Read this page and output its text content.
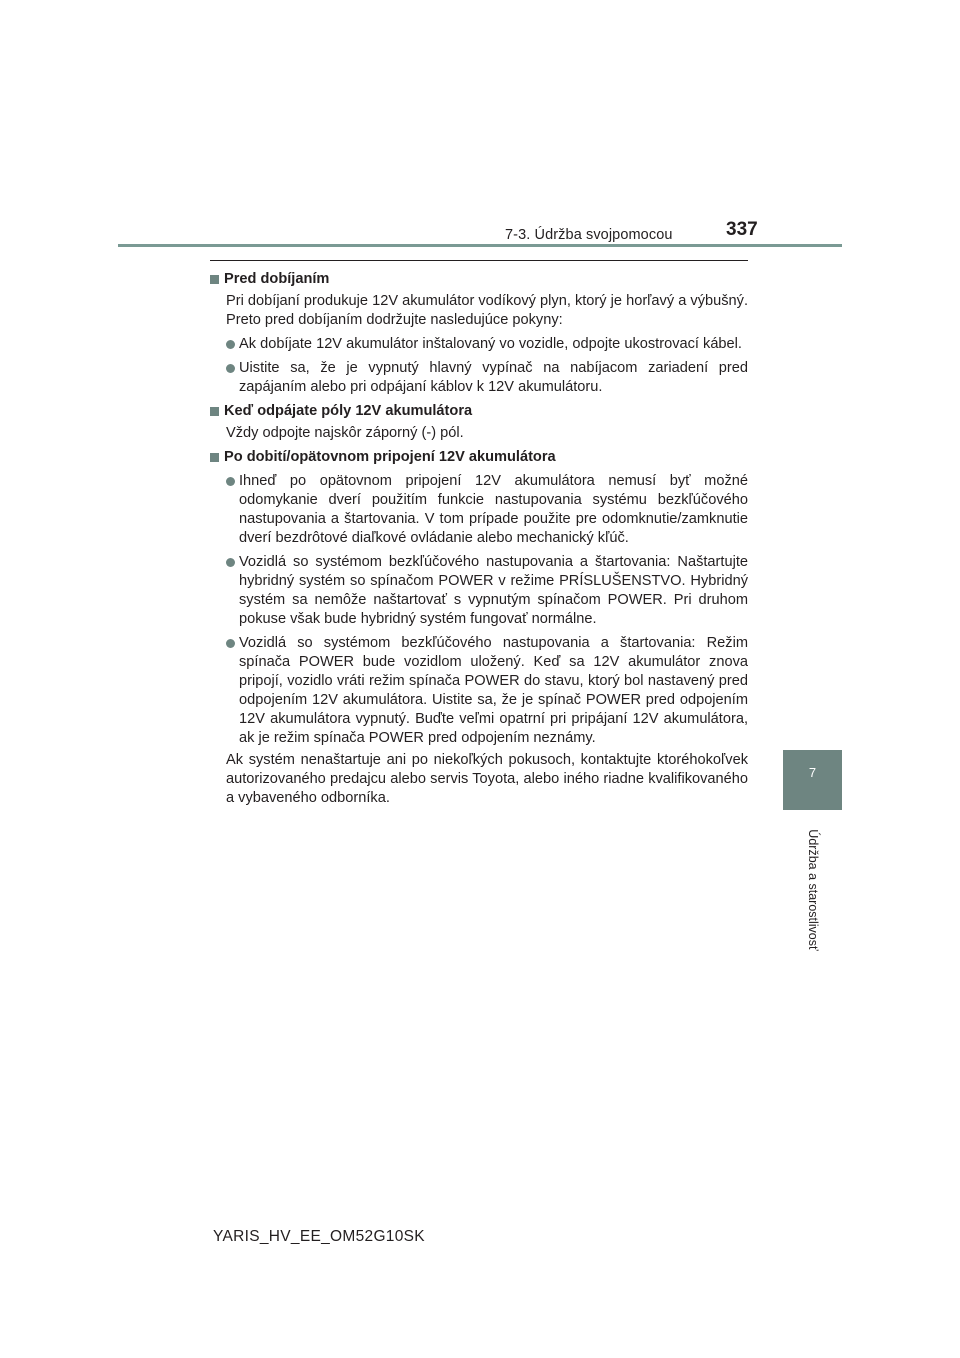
7-3. Údržba svojpomocou	337
7
Údržba a starostlivosť
Pred dobíjaním
Pri dobíjaní produkuje 12V akumulátor vodíkový plyn, ktorý je horľavý a výbušný. Preto pred dobíjaním dodržujte nasledujúce pokyny:
Ak dobíjate 12V akumulátor inštalovaný vo vozidle, odpojte ukostrovací kábel.
Uistite sa, že je vypnutý hlavný vypínač na nabíjacom zariadení pred zapájaním alebo pri odpájaní káblov k 12V akumulátoru.
Keď odpájate póly 12V akumulátora
Vždy odpojte najskôr záporný (-) pól.
Po dobití/opätovnom pripojení 12V akumulátora
Ihneď po opätovnom pripojení 12V akumulátora nemusí byť možné odomykanie dverí použitím funkcie nastupovania systému bezkľúčového nastupovania a štartovania. V tom prípade použite pre odomknutie/zamknutie dverí bezdrôtové diaľkové ovládanie alebo mechanický kľúč.
Vozidlá so systémom bezkľúčového nastupovania a štartovania: Naštartujte hybridný systém so spínačom POWER v režime PRÍSLUŠENSTVO. Hybridný systém sa nemôže naštartovať s vypnutým spínačom POWER. Pri druhom pokuse však bude hybridný systém fungovať normálne.
Vozidlá so systémom bezkľúčového nastupovania a štartovania: Režim spínača POWER bude vozidlom uložený. Keď sa 12V akumulátor znova pripojí, vozidlo vráti režim spínača POWER do stavu, ktorý bol nastavený pred odpojením 12V akumulátora. Uistite sa, že je spínač POWER pred odpojením 12V akumulátora vypnutý. Buďte veľmi opatrní pri pripájaní 12V akumulátora, ak je režim spínača POWER pred odpojením neznámy.
Ak systém nenaštartuje ani po niekoľkých pokusoch, kontaktujte ktoréhokoľvek autorizovaného predajcu alebo servis Toyota, alebo iného riadne kvalifikovaného a vybaveného odborníka.
YARIS_HV_EE_OM52G10SK
